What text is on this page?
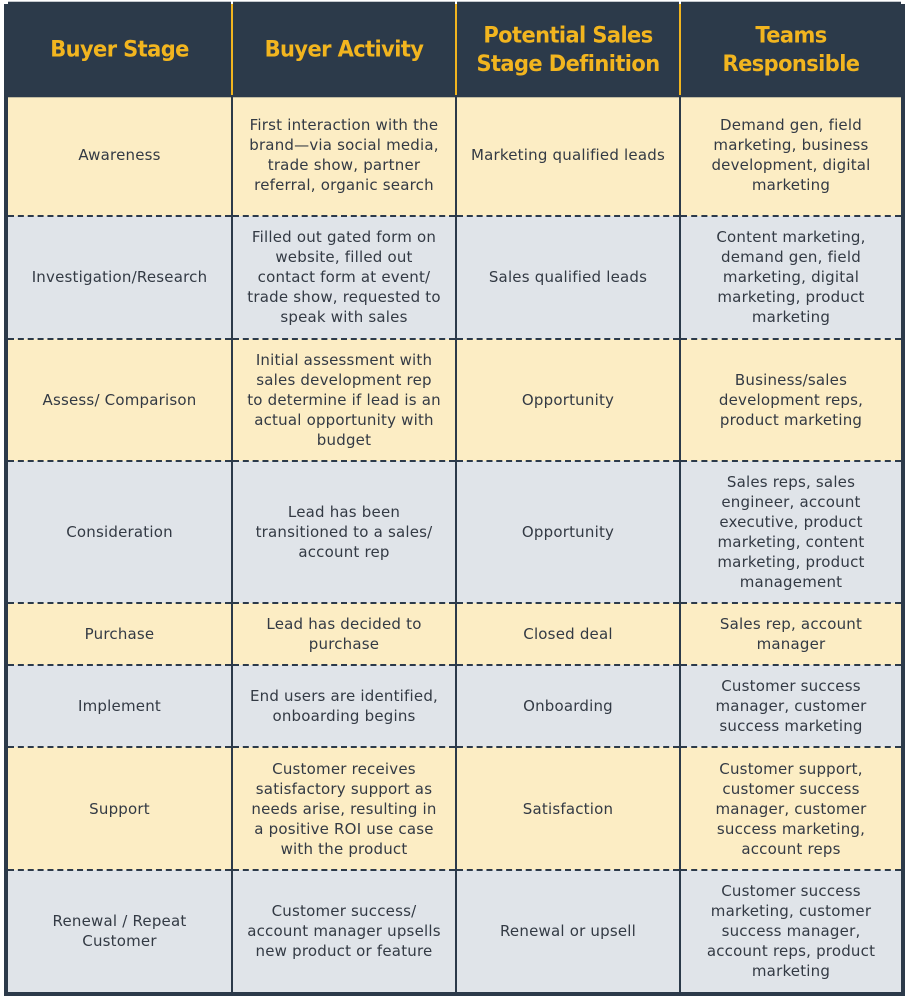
Buyer Stage	Buyer Activity	Potential Sales Stage Definition	Teams Responsible
Awareness	First interaction with the brand—via social media, trade show, partner referral, organic search	Marketing qualified leads	Demand gen, field marketing, business development, digital marketing
Investigation/Research	Filled out gated form on website, filled out contact form at event/ trade show, requested to speak with sales	Sales qualified leads	Content marketing, demand gen, field marketing, digital marketing, product marketing
Assess/ Comparison	Initial assessment with sales development rep to determine if lead is an actual opportunity with budget	Opportunity	Business/sales development reps, product marketing
Consideration	Lead has been transitioned to a sales/ account rep	Opportunity	Sales reps, sales engineer, account executive, product marketing, content marketing, product management
Purchase	Lead has decided to purchase	Closed deal	Sales rep, account manager
Implement	End users are identified, onboarding begins	Onboarding	Customer success manager, customer success marketing
Support	Customer receives satisfactory support as needs arise, resulting in a positive ROI use case with the product	Satisfaction	Customer support, customer success manager, customer success marketing, account reps
Renewal / Repeat Customer	Customer success/ account manager upsells new product or feature	Renewal or upsell	Customer success marketing, customer success manager, account reps, product marketing
